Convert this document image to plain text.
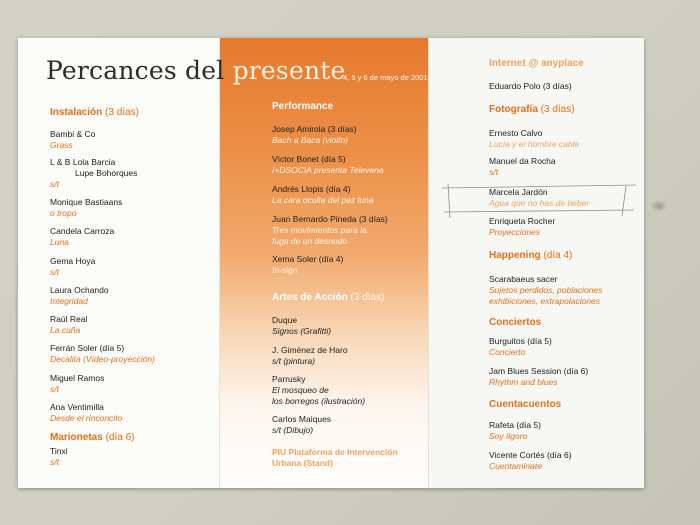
Instalación (3 días)
Bambi & Co
Grass
L & B Lola Barcia
Lupe Bohorques
s/t
Monique Bastiaans
o tropo
Candela Carroza
Luna
Gema Hoya
s/t
Laura Ochando
Integridad
Raúl Real
La cuña
Ferrán Soler (día 5)
Decalita (Vídeo-proyección)
Miguel Ramos
s/t
Ana Ventimilla
Desde el rinconcito
Marionetas (día 6)
Tinxi
s/t
Performance
Josep Amirola (3 días)
Bach a Baca (violín)
Víctor Bonet (día 5)
I+DSOCIA presenta Televena
Andrés Llopis (día 4)
La cara oculta del pez luna
Juan Bernardo Pineda (3 días)
Tres movimientos para la
fuga de un desnudo
Xema Soler (día 4)
In-sign
Artes de Acción (3 días)
Duque
Signos (Grafitti)
J. Giménez de Haro
s/t (pintura)
Parrusky
El mosqueo de
los borregos (ilustración)
Carlos Maiques
s/t (Dibujo)
PIU Plataforma de Intervención
Urbana (Stand)
Internet @ anyplace
Eduardo Polo (3 días)
Fotografía (3 días)
Ernesto Calvo
Lucía y el hombre cable
Manuel da Rocha
s/t
Marcela Jardón
Agua que no has de beber
Enriqueta Rocher
Proyecciones
Happening (día 4)
Scarabaeus sacer
Sujetos perdidos, poblaciones
exhibiciones, extrapolaciones
Conciertos
Burguitos (día 5)
Concierto
Jam Blues Session (día 6)
Rhythm and blues
Cuentacuentos
Rafeta (día 5)
Soy Ilgoro
Vicente Cortés (día 6)
Cuentaminate
Percances del presente
4, 5 y 6 de mayo de 2001
